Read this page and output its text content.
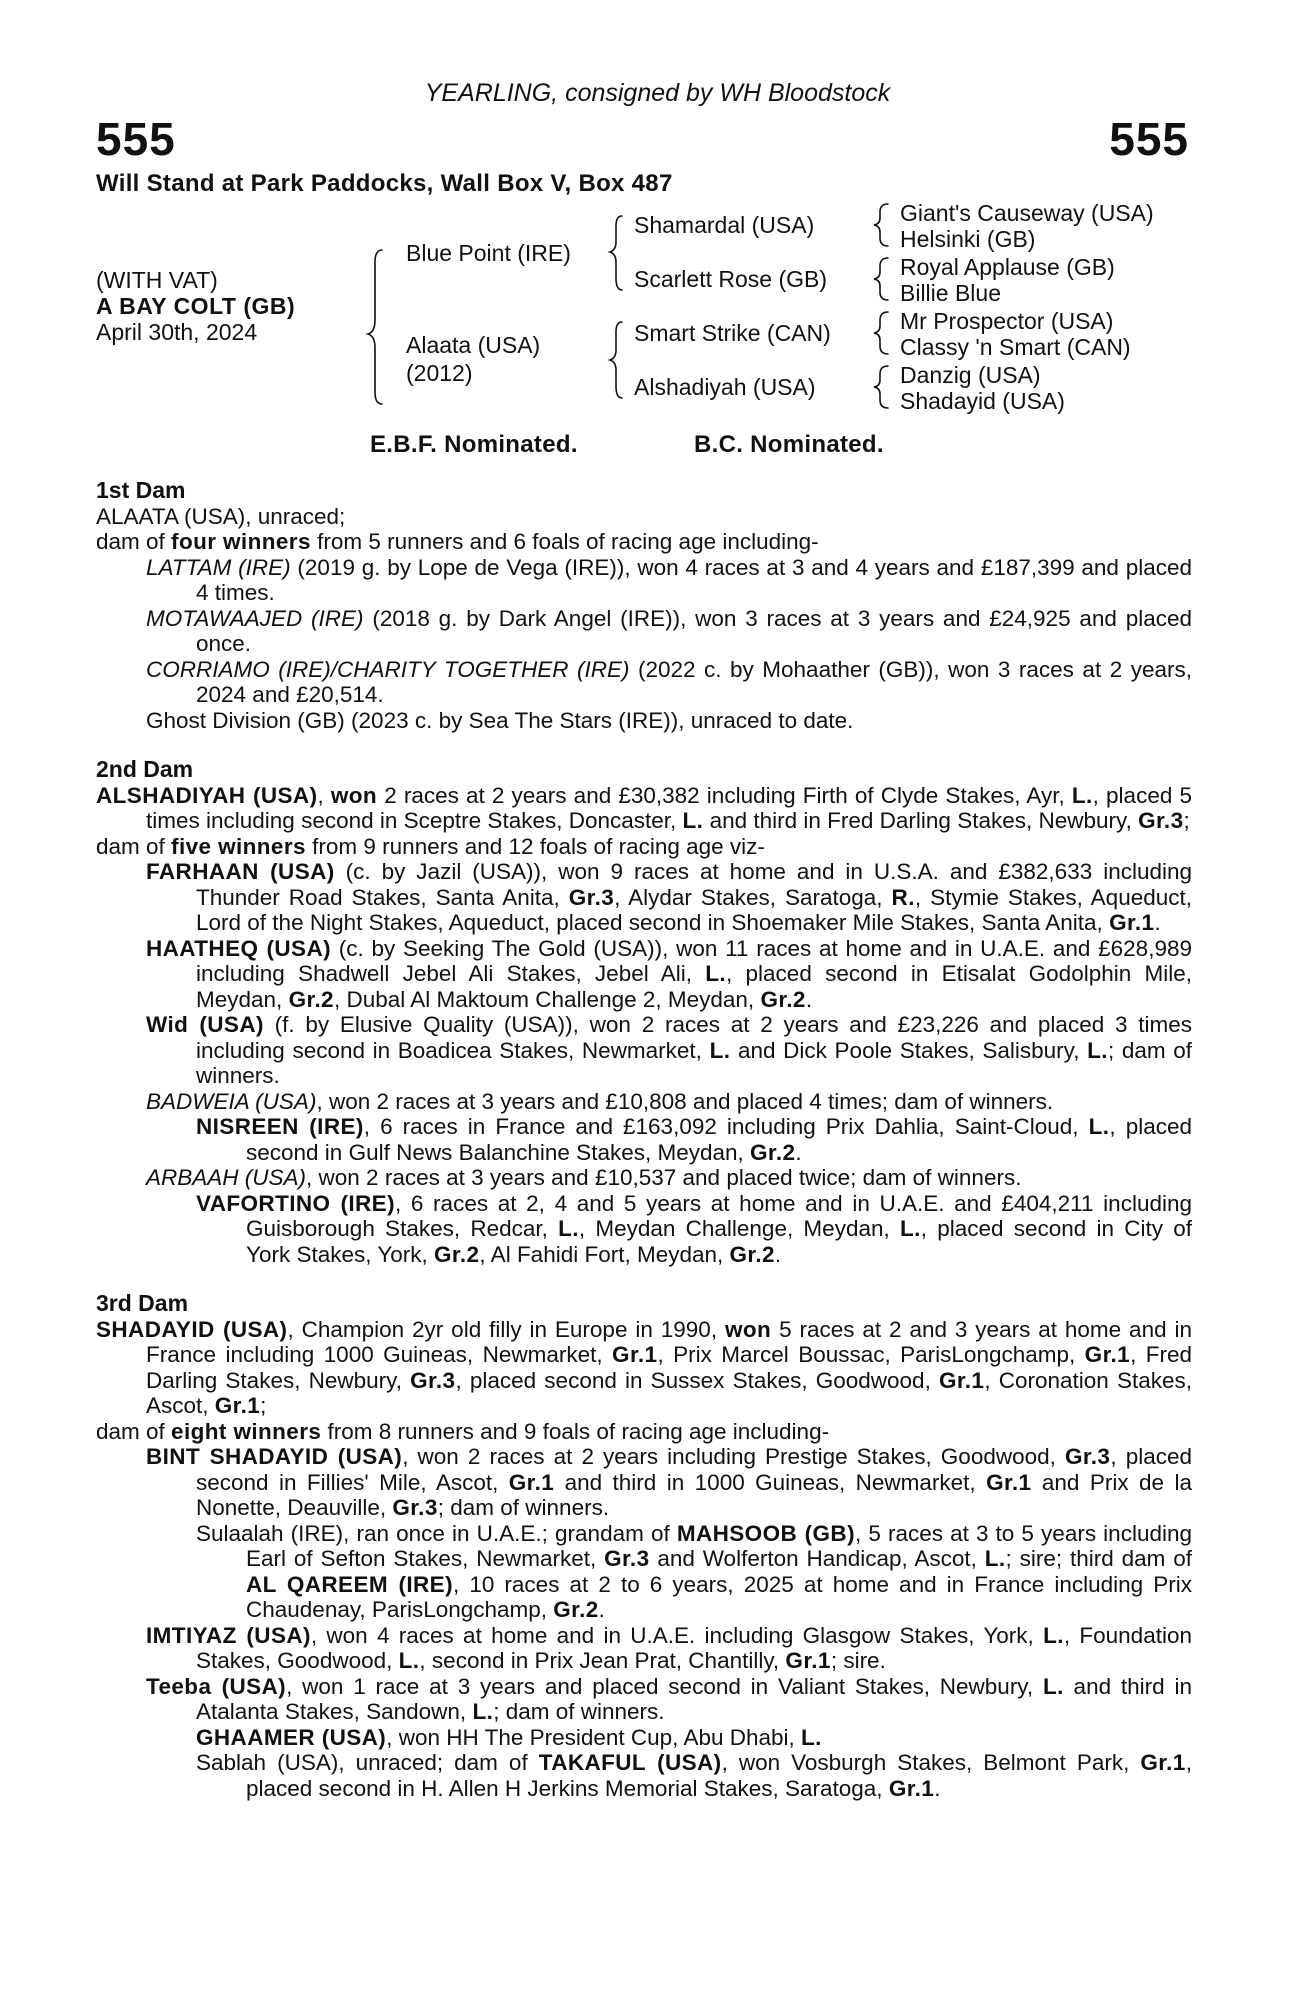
YEARLING, consigned by WH Bloodstock
555	555
Will Stand at Park Paddocks, Wall Box V, Box 487
(WITH VAT)
A BAY COLT (GB)
April 30th, 2024
Blue Point (IRE)
Alaata (USA)
(2012)
Shamardal (USA)
Scarlett Rose (GB)
Smart Strike (CAN)
Alshadiyah (USA)
Giant's Causeway (USA)
Helsinki (GB)
Royal Applause (GB)
Billie Blue
Mr Prospector (USA)
Classy 'n Smart (CAN)
Danzig (USA)
Shadayid (USA)
E.B.F. Nominated.	B.C. Nominated.
1st Dam

ALAATA (USA), unraced;

dam of four winners from 5 runners and 6 foals of racing age including-

LATTAM (IRE) (2019 g. by Lope de Vega (IRE)), won 4 races at 3 and 4 years and £187,399 and placed 4 times.

MOTAWAAJED (IRE) (2018 g. by Dark Angel (IRE)), won 3 races at 3 years and £24,925 and placed once.

CORRIAMO (IRE)/CHARITY TOGETHER (IRE) (2022 c. by Mohaather (GB)), won 3 races at 2 years, 2024 and £20,514.

Ghost Division (GB) (2023 c. by Sea The Stars (IRE)), unraced to date.

2nd Dam

ALSHADIYAH (USA), won 2 races at 2 years and £30,382 including Firth of Clyde Stakes, Ayr, L., placed 5 times including second in Sceptre Stakes, Doncaster, L. and third in Fred Darling Stakes, Newbury, Gr.3;

dam of five winners from 9 runners and 12 foals of racing age viz-

FARHAAN (USA) (c. by Jazil (USA)), won 9 races at home and in U.S.A. and £382,633 including Thunder Road Stakes, Santa Anita, Gr.3, Alydar Stakes, Saratoga, R., Stymie Stakes, Aqueduct, Lord of the Night Stakes, Aqueduct, placed second in Shoemaker Mile Stakes, Santa Anita, Gr.1.

HAATHEQ (USA) (c. by Seeking The Gold (USA)), won 11 races at home and in U.A.E. and £628,989 including Shadwell Jebel Ali Stakes, Jebel Ali, L., placed second in Etisalat Godolphin Mile, Meydan, Gr.2, Dubal Al Maktoum Challenge 2, Meydan, Gr.2.

Wid (USA) (f. by Elusive Quality (USA)), won 2 races at 2 years and £23,226 and placed 3 times including second in Boadicea Stakes, Newmarket, L. and Dick Poole Stakes, Salisbury, L.; dam of winners.

BADWEIA (USA), won 2 races at 3 years and £10,808 and placed 4 times; dam of winners.

NISREEN (IRE), 6 races in France and £163,092 including Prix Dahlia, Saint-Cloud, L., placed second in Gulf News Balanchine Stakes, Meydan, Gr.2.

ARBAAH (USA), won 2 races at 3 years and £10,537 and placed twice; dam of winners.

VAFORTINO (IRE), 6 races at 2, 4 and 5 years at home and in U.A.E. and £404,211 including Guisborough Stakes, Redcar, L., Meydan Challenge, Meydan, L., placed second in City of York Stakes, York, Gr.2, Al Fahidi Fort, Meydan, Gr.2.

3rd Dam

SHADAYID (USA), Champion 2yr old filly in Europe in 1990, won 5 races at 2 and 3 years at home and in France including 1000 Guineas, Newmarket, Gr.1, Prix Marcel Boussac, ParisLongchamp, Gr.1, Fred Darling Stakes, Newbury, Gr.3, placed second in Sussex Stakes, Goodwood, Gr.1, Coronation Stakes, Ascot, Gr.1;

dam of eight winners from 8 runners and 9 foals of racing age including-

BINT SHADAYID (USA), won 2 races at 2 years including Prestige Stakes, Goodwood, Gr.3, placed second in Fillies' Mile, Ascot, Gr.1 and third in 1000 Guineas, Newmarket, Gr.1 and Prix de la Nonette, Deauville, Gr.3; dam of winners.

Sulaalah (IRE), ran once in U.A.E.; grandam of MAHSOOB (GB), 5 races at 3 to 5 years including Earl of Sefton Stakes, Newmarket, Gr.3 and Wolferton Handicap, Ascot, L.; sire; third dam of AL QAREEM (IRE), 10 races at 2 to 6 years, 2025 at home and in France including Prix Chaudenay, ParisLongchamp, Gr.2.

IMTIYAZ (USA), won 4 races at home and in U.A.E. including Glasgow Stakes, York, L., Foundation Stakes, Goodwood, L., second in Prix Jean Prat, Chantilly, Gr.1; sire.

Teeba (USA), won 1 race at 3 years and placed second in Valiant Stakes, Newbury, L. and third in Atalanta Stakes, Sandown, L.; dam of winners.

GHAAMER (USA), won HH The President Cup, Abu Dhabi, L.

Sablah (USA), unraced; dam of TAKAFUL (USA), won Vosburgh Stakes, Belmont Park, Gr.1, placed second in H. Allen H Jerkins Memorial Stakes, Saratoga, Gr.1.
